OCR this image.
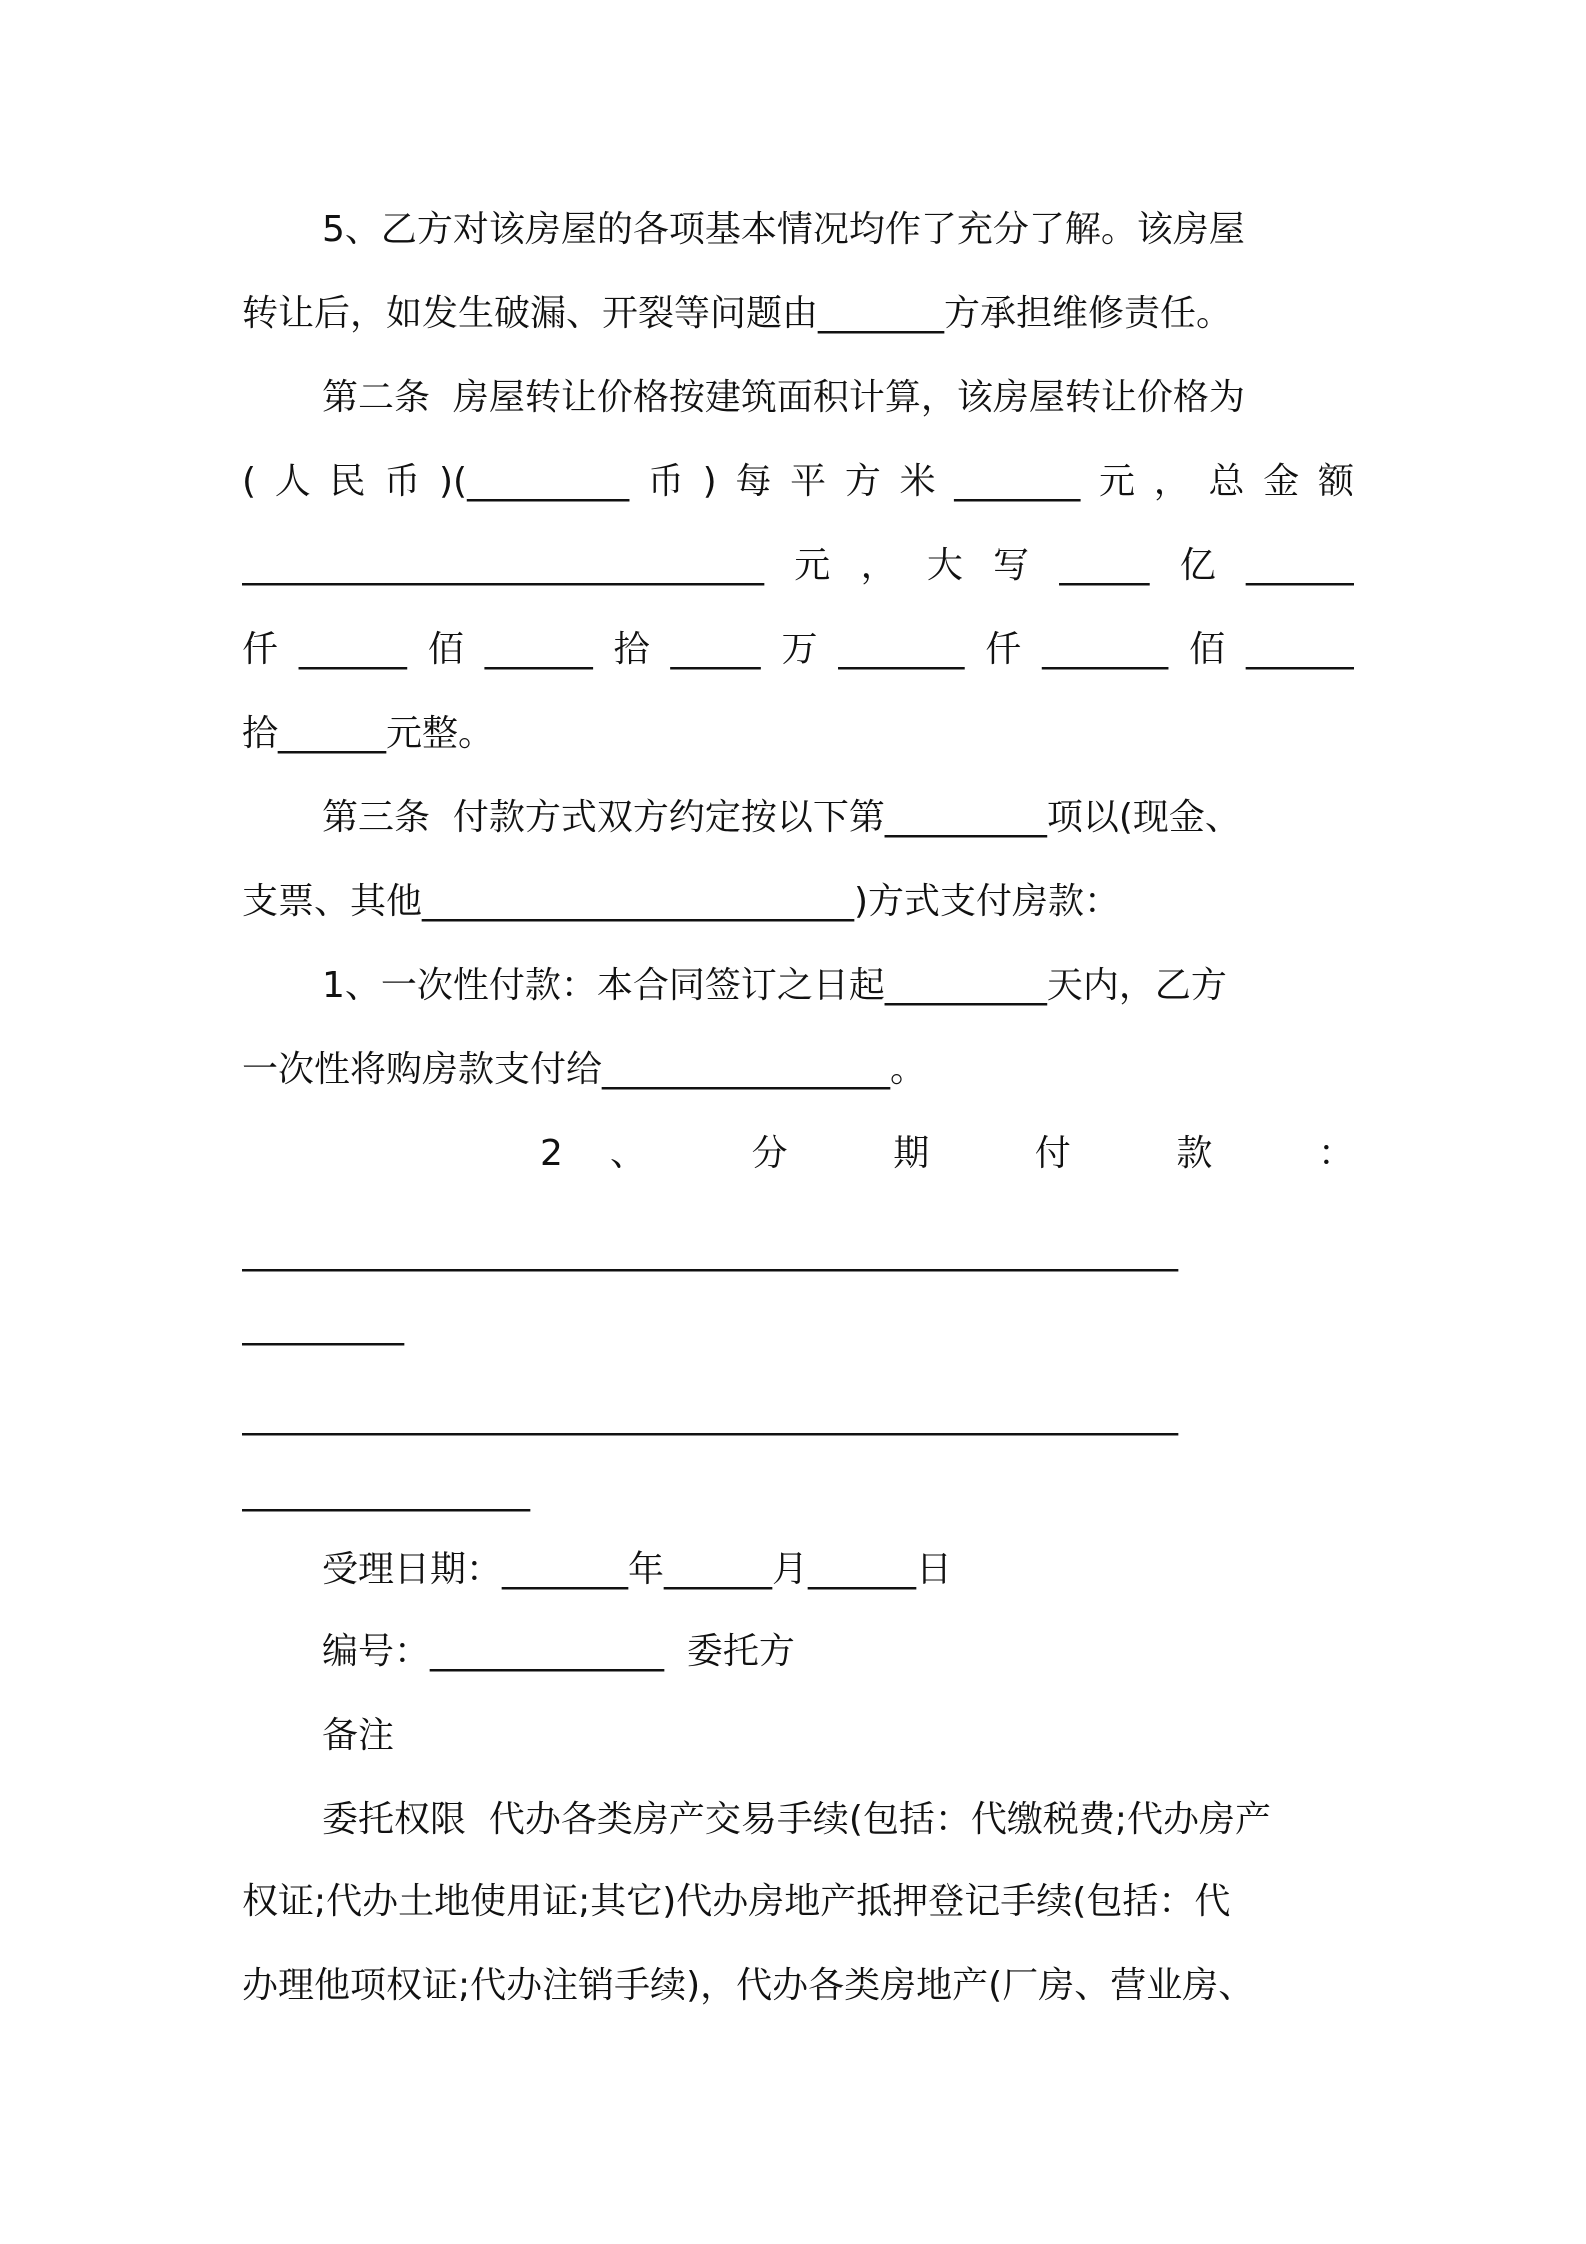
5、乙方对该房屋的各项基本情况均作了充分了解。该房屋
转让后，如发生破漏、开裂等问题由_______方承担维修责任。
第二条  房屋转让价格按建筑面积计算，该房屋转让价格为
(人民币)(_________币)每平方米_______元，总金额
_____________________________元，大写_____亿______
仟______佰______拾_____万_______仟_______佰______
拾______元整。
第三条  付款方式双方约定按以下第_________项以(现金、
支票、其他________________________)方式支付房款：
1、一次性付款：本合同签订之日起_________天内，乙方
一次性将购房款支付给________________。
2、 分 期 付 款 ：
____________________________________________________
_________
____________________________________________________
________________
受理日期：_______年______月______日
编号：_____________  委托方
备注
委托权限  代办各类房产交易手续(包括：代缴税费;代办房产
权证;代办土地使用证;其它)代办房地产抵押登记手续(包括：代
办理他项权证;代办注销手续)，代办各类房地产(厂房、营业房、
